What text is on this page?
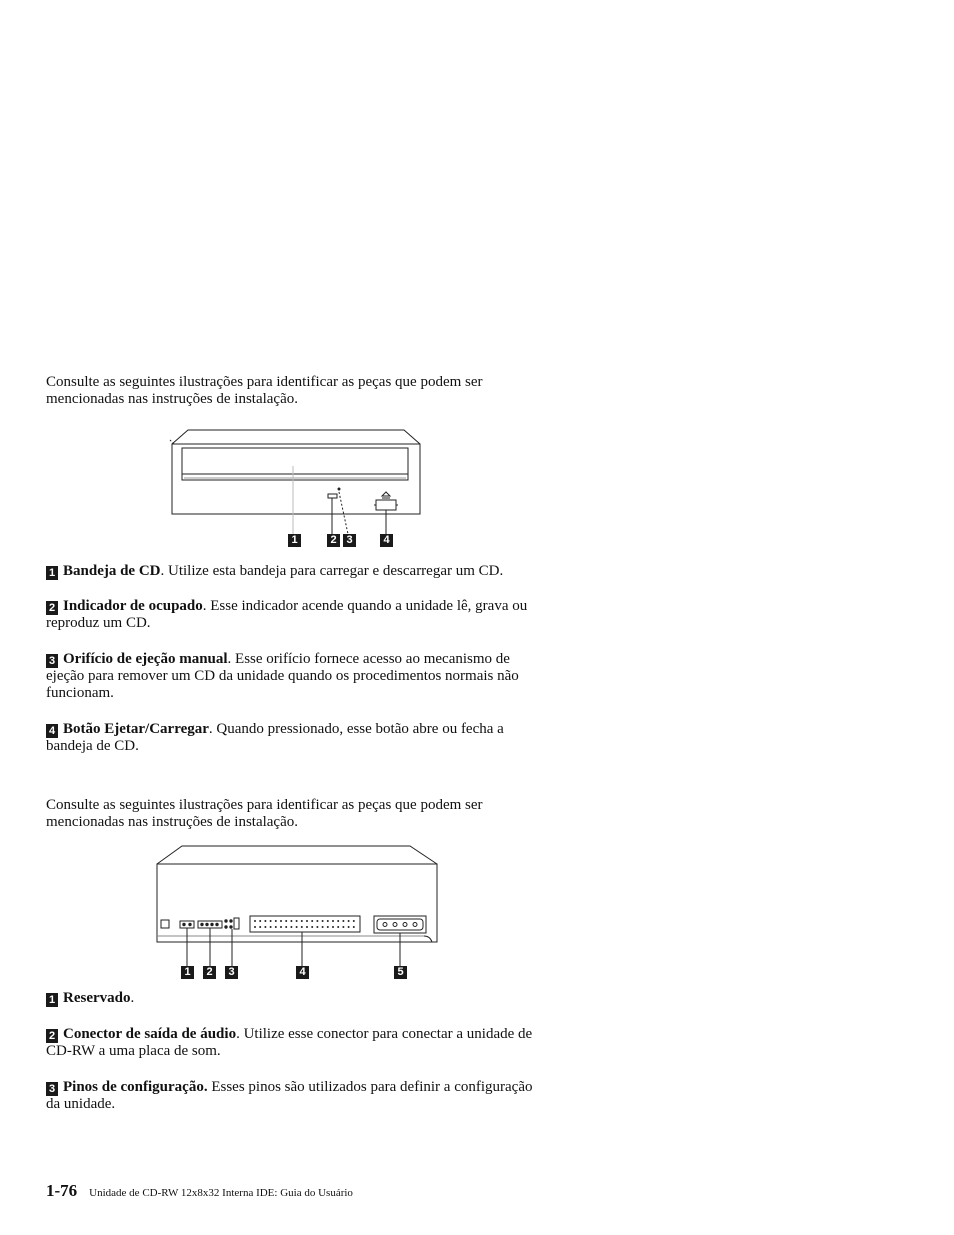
Consulte as seguintes ilustrações para identificar as peças que podem ser
mencionadas nas instruções de instalação.

1	2 3	4

1 Bandeja de CD. Utilize esta bandeja para carregar e descarregar um CD.

2 Indicador de ocupado. Esse indicador acende quando a unidade lê, grava ou reproduz um CD.

3 Orifício de ejeção manual. Esse orifício fornece acesso ao mecanismo de ejeção para remover um CD da unidade quando os procedimentos normais não funcionam.

4 Botão Ejetar/Carregar. Quando pressionado, esse botão abre ou fecha a bandeja de CD.

Consulte as seguintes ilustrações para identificar as peças que podem ser
mencionadas nas instruções de instalação.

1	2	3	4	5

1 Reservado.

2 Conector de saída de áudio. Utilize esse conector para conectar a unidade de CD-RW a uma placa de som.

3 Pinos de configuração. Esses pinos são utilizados para definir a configuração da unidade.

1-76 Unidade de CD-RW 12x8x32 Interna IDE: Guia do Usuário
